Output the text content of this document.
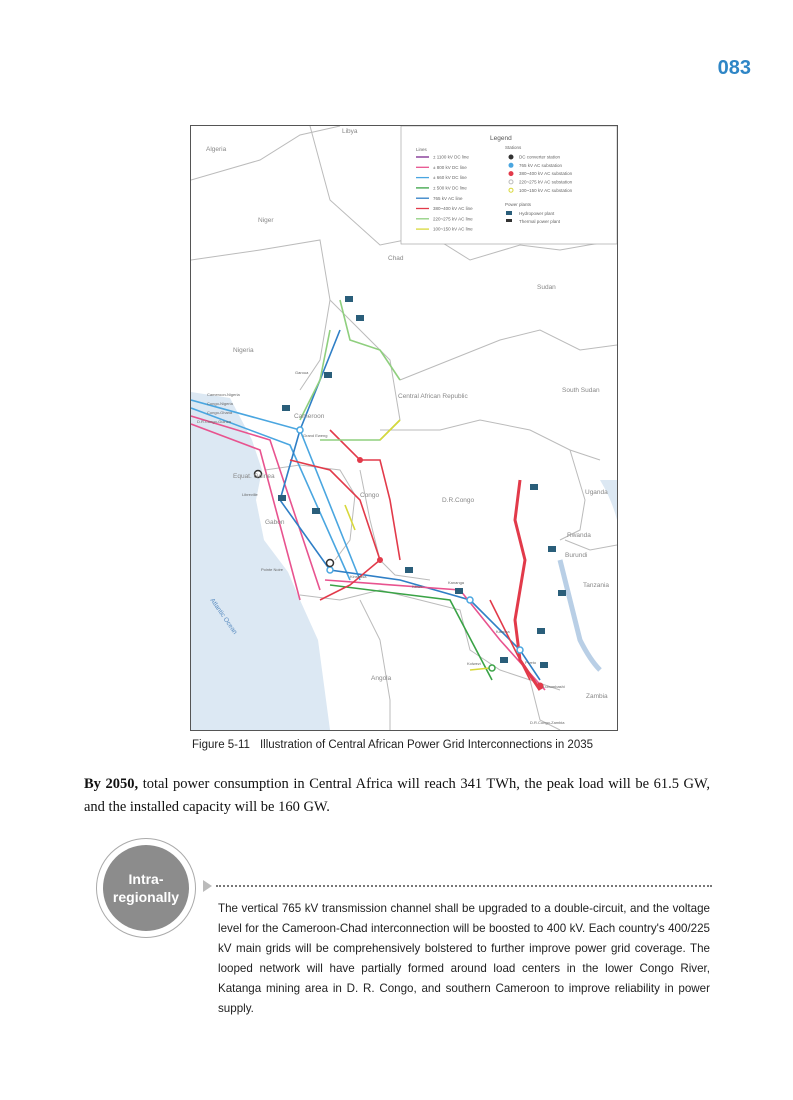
083
Libya
Algeria
Niger
Chad
Sudan
Nigeria
South Sudan
Central African Republic
Cameroon
Equat. Guinea
Gabon
Congo
D.R.Congo
Uganda
Rwanda
Burundi
Tanzania
Angola
Zambia
Atlantic Ocean
Cameroon-Nigeria
Congo-Nigeria
Congo-Ghana
D.R.Congo-Guinea
D.R.Congo-Zambia
Garoua
Grand Eweng
Libreville
Pointe Noire
Kinshasa
Kikwit
Kananga
Kamina
Kolwezi
Lubumbashi
Pweto
Legend
Lines	Stations
Power plants
± 1100 kV DC line
± 800 kV DC line
± 660 kV DC line
± 500 kV DC line
765 kV AC line
380~400 kV AC line
220~275 kV AC line
100~150 kV AC line
DC converter station
765 kV AC substation
380~400 kV AC substation
220~275 kV AC substation
100~150 kV AC substation
Hydropower plant
Thermal power plant
Figure 5-11 Illustration of Central African Power Grid Interconnections in 2035
By 2050, total power consumption in Central Africa will reach 341 TWh, the peak load will be 61.5 GW, and the installed capacity will be 160 GW.
Intra-
regionally
The vertical 765 kV transmission channel shall be upgraded to a double-circuit, and the voltage level for the Cameroon-Chad interconnection will be boosted to 400 kV. Each country's 400/225 kV main grids will be comprehensively bolstered to further improve power grid coverage. The looped network will have partially formed around load centers in the lower Congo River, Katanga mining area in D. R. Congo, and southern Cameroon to improve reliability in power supply.
